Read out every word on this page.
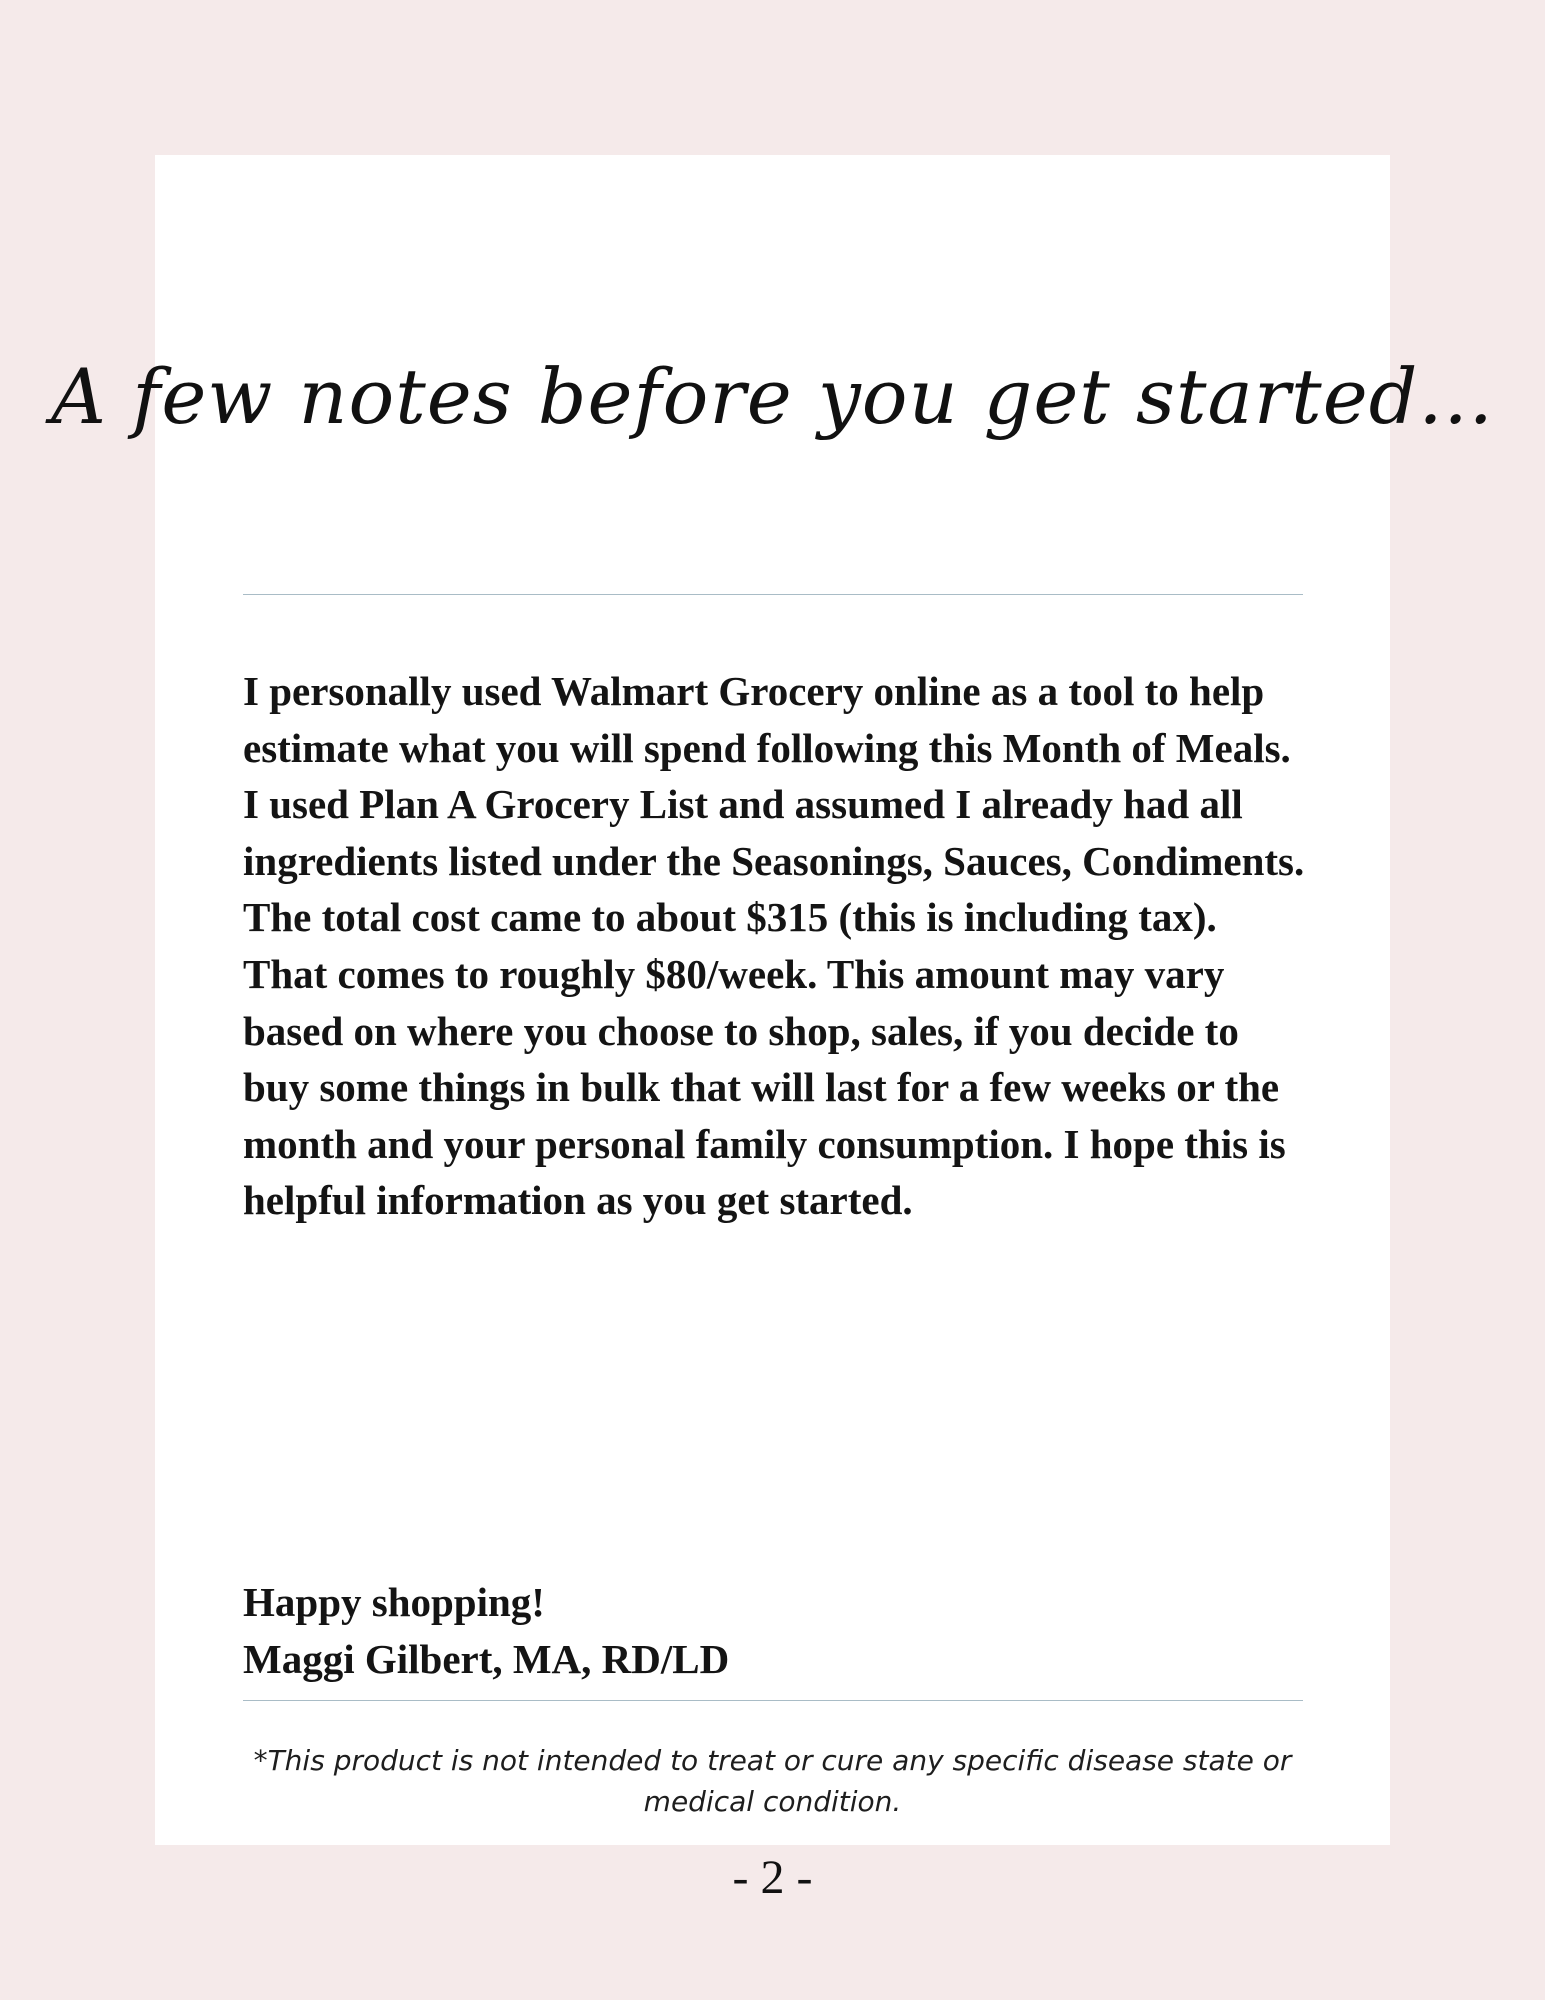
A few notes before you get started...

I personally used Walmart Grocery online as a tool to help estimate what you will spend following this Month of Meals. I used Plan A Grocery List and assumed I already had all ingredients listed under the Seasonings, Sauces, Condiments. The total cost came to about $315 (this is including tax). That comes to roughly $80/week. This amount may vary based on where you choose to shop, sales, if you decide to buy some things in bulk that will last for a few weeks or the month and your personal family consumption. I hope this is helpful information as you get started.

Happy shopping!
Maggi Gilbert, MA, RD/LD
*This product is not intended to treat or cure any specific disease state or medical condition.
- 2 -
